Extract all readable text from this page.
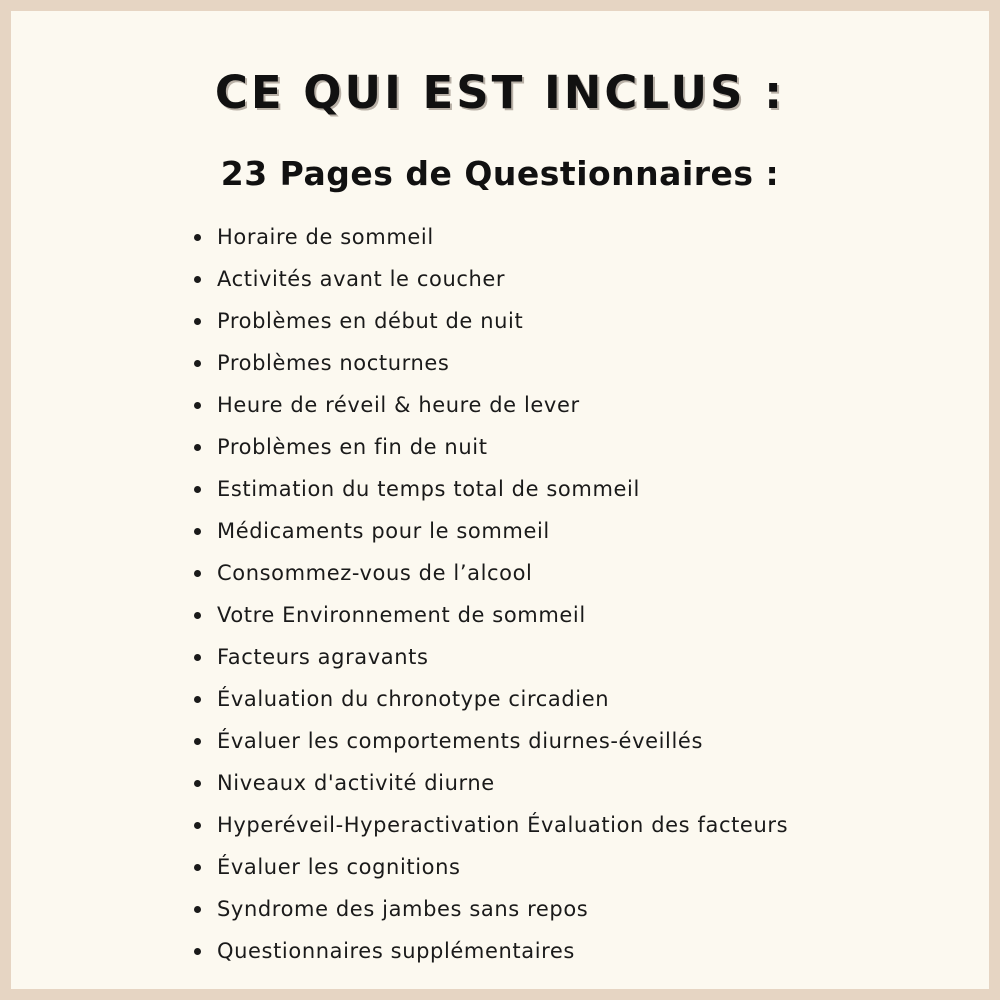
CE QUI EST INCLUS :
23 Pages de Questionnaires :
Horaire de sommeil
Activités avant le coucher
Problèmes en début de nuit
Problèmes nocturnes
Heure de réveil & heure de lever
Problèmes en fin de nuit
Estimation du temps total de sommeil
Médicaments pour le sommeil
Consommez-vous de l’alcool
Votre Environnement de sommeil
Facteurs agravants
Évaluation du chronotype circadien
Évaluer les comportements diurnes-éveillés
Niveaux d'activité diurne
Hyperéveil-Hyperactivation Évaluation des facteurs
Évaluer les cognitions
Syndrome des jambes sans repos
Questionnaires supplémentaires
